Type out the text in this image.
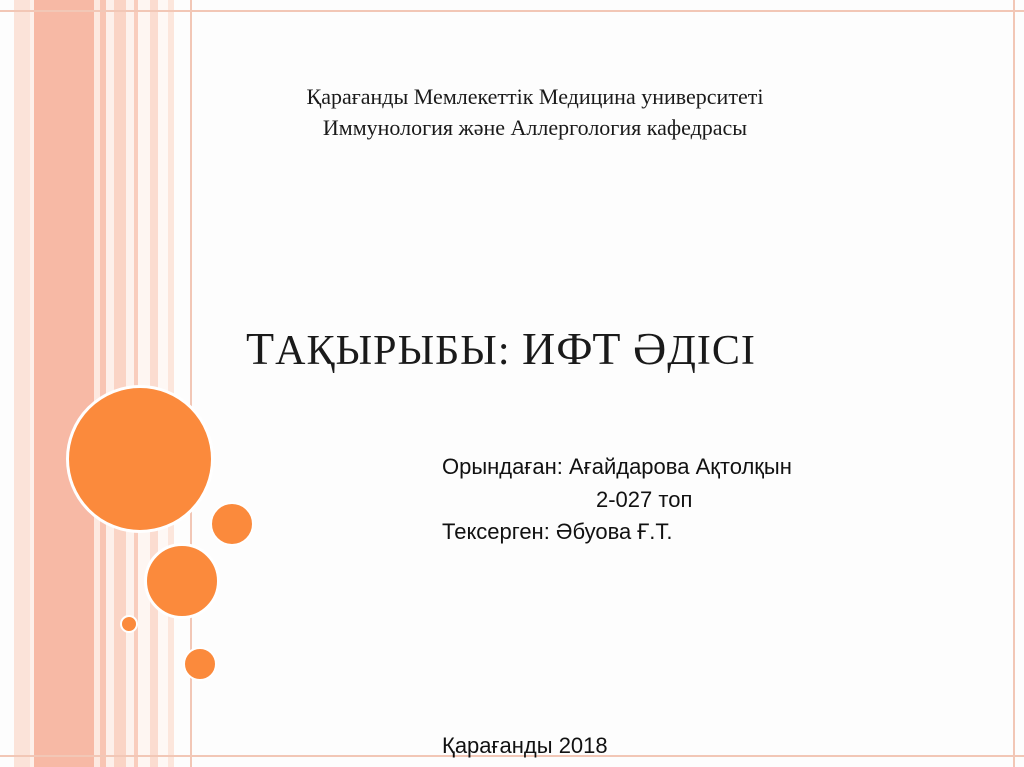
Қарағанды Мемлекеттік Медицина университеті
Иммунология және Аллергология кафедрасы
ТАҚЫРЫБЫ: ИФТ ӘДІСІ
Орындаған: Ағайдарова Ақтолқын
2-027 топ
Тексерген: Әбуова Ғ.Т.
Қарағанды 2018
